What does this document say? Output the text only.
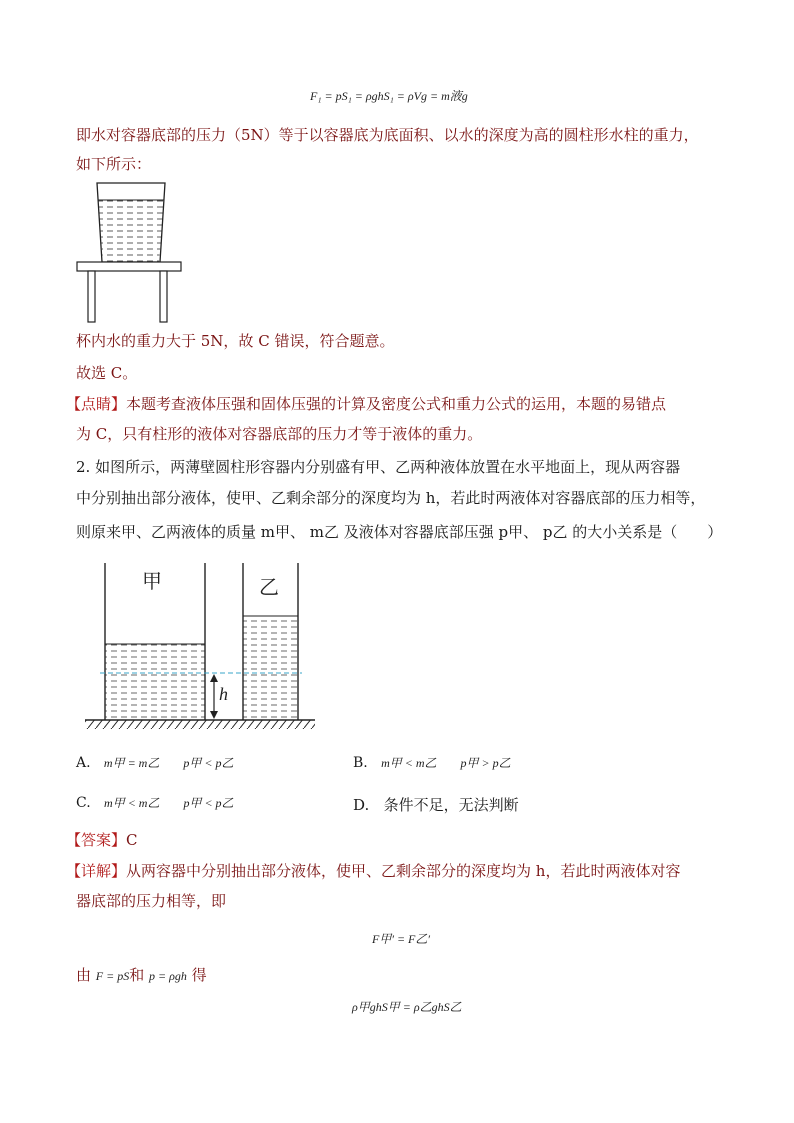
F₁ = pS₁ = ρghS₁ = ρVg = m液g
即水对容器底部的压力（5N）等于以容器底为底面积、以水的深度为高的圆柱形水柱的重力，
如下所示：
杯内水的重力大于 5N，故 C 错误，符合题意。
故选 C。
【点睛】本题考查液体压强和固体压强的计算及密度公式和重力公式的运用，本题的易错点
为 C，只有柱形的液体对容器底部的压力才等于液体的重力。
2. 如图所示，两薄壁圆柱形容器内分别盛有甲、乙两种液体放置在水平地面上，现从两容器
中分别抽出部分液体，使甲、乙剩余部分的深度均为 h，若此时两液体对容器底部的压力相等，
则原来甲、乙两液体的质量 m甲、 m乙 及液体对容器底部压强 p甲、 p乙 的大小关系是（　　）
甲	乙
h
A. m甲 = m乙　　p甲 < p乙	B. m甲 < m乙　　p甲 > p乙
C. m甲 < m乙　　p甲 < p乙	D. 条件不足，无法判断
【答案】C
【详解】从两容器中分别抽出部分液体，使甲、乙剩余部分的深度均为 h，若此时两液体对容
器底部的压力相等，即
F甲′ = F乙′
由 F = pS和 p = ρgh 得
ρ甲ghS甲 = ρ乙ghS乙
